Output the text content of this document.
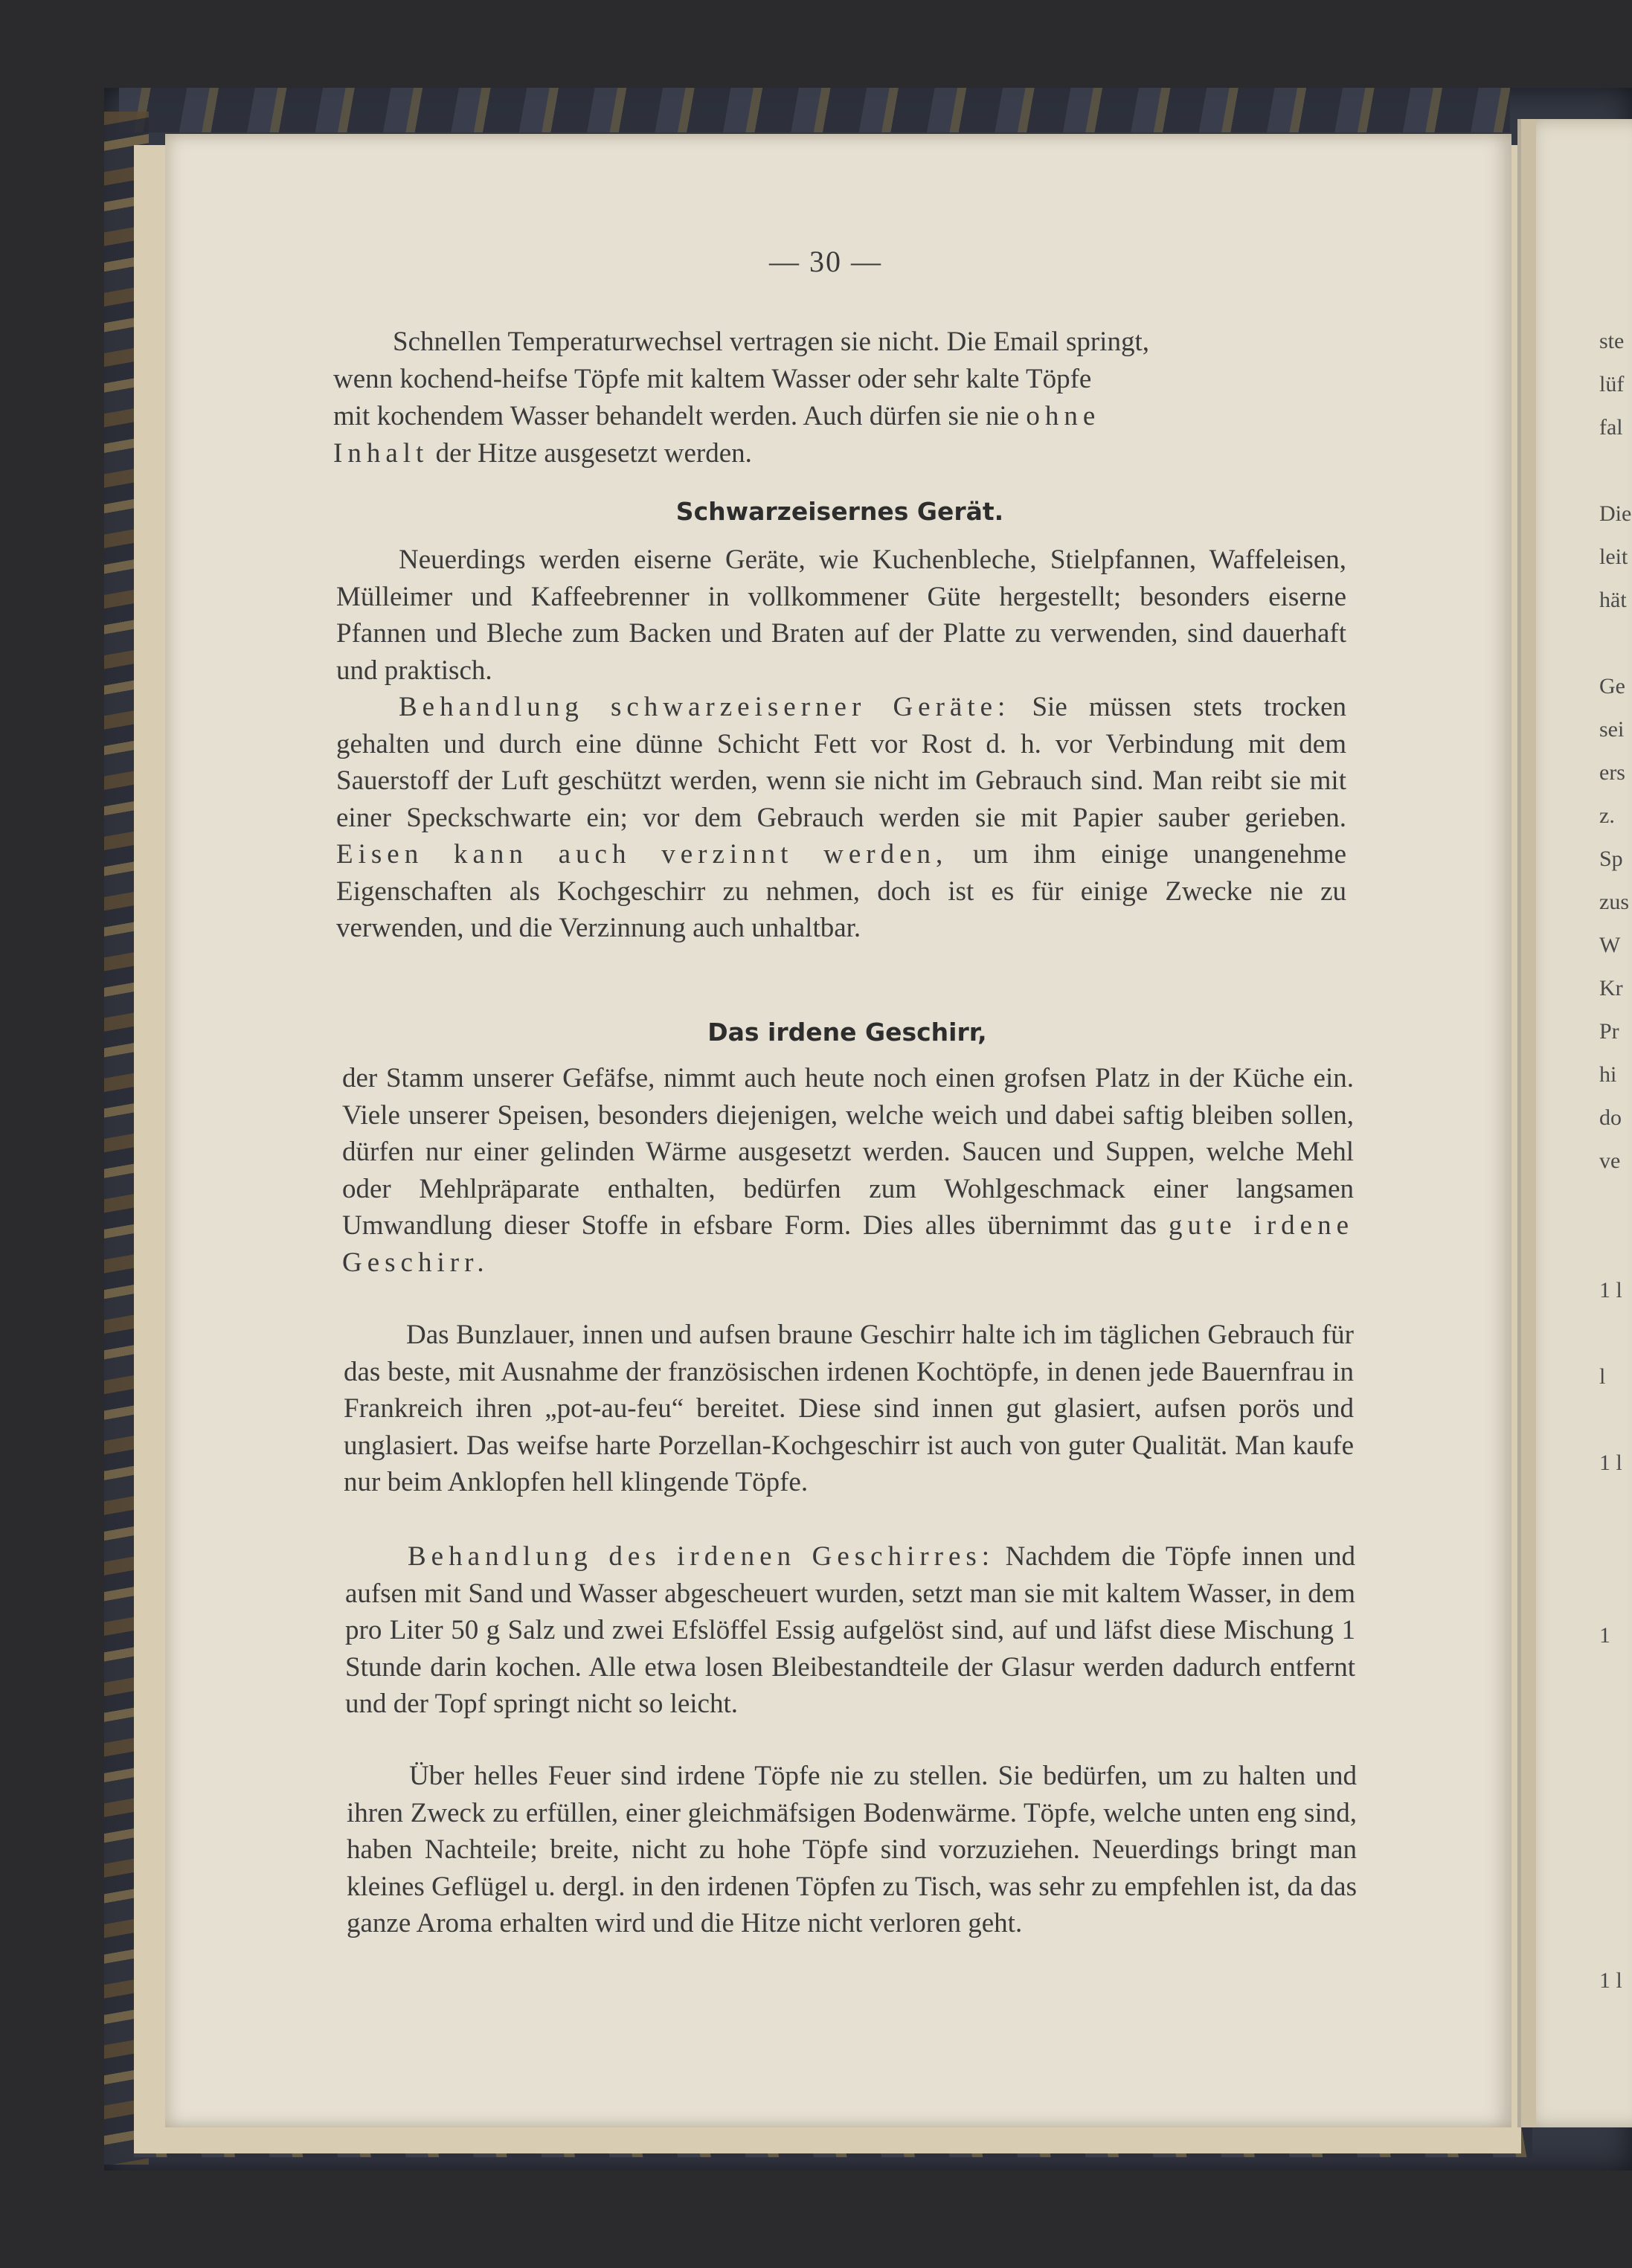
— 30 —

Schnellen Temperaturwechsel vertragen sie nicht. Die Email springt,

wenn kochend-heifse Töpfe mit kaltem Wasser oder sehr kalte Töpfe

mit kochendem Wasser behandelt werden. Auch dürfen sie nie ohne

Inhalt der Hitze ausgesetzt werden.

Schwarzeisernes Gerät.

Neuerdings werden eiserne Geräte, wie Kuchenbleche, Stielpfannen, Waffeleisen, Mülleimer und Kaffeebrenner in vollkommener Güte hergestellt; besonders eiserne Pfannen und Bleche zum Backen und Braten auf der Platte zu verwenden, sind dauerhaft und praktisch.

Behandlung schwarzeiserner Geräte: Sie müssen stets trocken gehalten und durch eine dünne Schicht Fett vor Rost d. h. vor Verbindung mit dem Sauerstoff der Luft geschützt werden, wenn sie nicht im Gebrauch sind. Man reibt sie mit einer Speckschwarte ein; vor dem Gebrauch werden sie mit Papier sauber gerieben. Eisen kann auch verzinnt werden, um ihm einige unangenehme Eigenschaften als Kochgeschirr zu nehmen, doch ist es für einige Zwecke nie zu verwenden, und die Verzinnung auch unhaltbar.

Das irdene Geschirr,

der Stamm unserer Gefäfse, nimmt auch heute noch einen grofsen Platz in der Küche ein. Viele unserer Speisen, besonders diejenigen, welche weich und dabei saftig bleiben sollen, dürfen nur einer gelinden Wärme ausgesetzt werden. Saucen und Suppen, welche Mehl oder Mehlpräparate enthalten, bedürfen zum Wohlgeschmack einer langsamen Umwandlung dieser Stoffe in efsbare Form. Dies alles übernimmt das gute irdene Geschirr.

Das Bunzlauer, innen und aufsen braune Geschirr halte ich im täglichen Gebrauch für das beste, mit Ausnahme der französischen irdenen Kochtöpfe, in denen jede Bauernfrau in Frankreich ihren „pot-au-feu“ bereitet. Diese sind innen gut glasiert, aufsen porös und unglasiert. Das weifse harte Porzellan-Kochgeschirr ist auch von guter Qualität. Man kaufe nur beim Anklopfen hell klingende Töpfe.

Behandlung des irdenen Geschirres: Nachdem die Töpfe innen und aufsen mit Sand und Wasser abgescheuert wurden, setzt man sie mit kaltem Wasser, in dem pro Liter 50 g Salz und zwei Efslöffel Essig aufgelöst sind, auf und läfst diese Mischung 1 Stunde darin kochen. Alle etwa losen Bleibestandteile der Glasur werden dadurch entfernt und der Topf springt nicht so leicht.

Über helles Feuer sind irdene Töpfe nie zu stellen. Sie bedürfen, um zu halten und ihren Zweck zu erfüllen, einer gleichmäfsigen Bodenwärme. Töpfe, welche unten eng sind, haben Nachteile; breite, nicht zu hohe Töpfe sind vorzuziehen. Neuerdings bringt man kleines Geflügel u. dergl. in den irdenen Töpfen zu Tisch, was sehr zu empfehlen ist, da das ganze Aroma erhalten wird und die Hitze nicht verloren geht.

ste
lüf
fal

Die
leit
hät

Ge
sei
ers
z.
Sp
zus
W
Kr
Pr
hi
do
ve

1 l

l

1 l

1

1 l
